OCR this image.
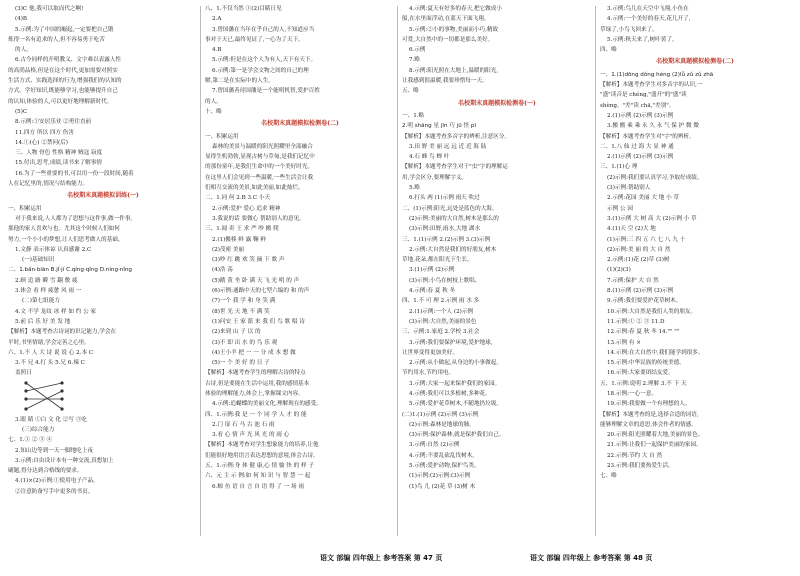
(3)C 他,我可以取而代之啊!
(4)B
5.示例:为了中国的崛起,一定要把自己锻
炼得一名有追求的人,但不容易勇于吃苦
的人。
6.古今同样的开明教义、文字难以表露人性
的高尚品格,但是在这个时代,更加需要对照实
生活方式、实践选择的行为,增强我们的认知的
方式。学好知识,既能够学习,也能够提升自己
的认知,体验的人,可以更好地理解新时代。
(5)C
8.示例:①安居乐业 ②勇往直前
11.四方 所以 四方 伤害
14.①(心) ②禁问(后)
三、人物 骨色 性格 精神 贼寇 寂度
15.付出,思考,成绩,读书来了解事情
16.为了一些重要的书,可以用一份一段时间,随着
人在记忆里的,情况与结构能力。
名校期末真题模拟训练(一)
一、积累运用
对于我来说,人人都为了思想与这件事,做一件事,
那他的家人喜欢与也。尤其这个时候人们如何
努力,一个小小的梦想,让人们思考做人的基础。
1.文静 表示体谅 认真感谢 2.C
(一)基础知识
二、1.bǎn·biān B.jǐ·jí C.qíng·qǐng D.níng·nǐng
2.顾 追 路 瞬 雪 翻 敷 疲
3.体会 看 样 疲惫 风 雨 一
(二)第七组能力
4.文 不学 龙纹 冰 样 如 约 公 家
5.前 后 乐 好 美 发 地
【解析】本题考查古诗词的识记能力,学会在
平时,书里情绪,学会完善之心里。
六、1.不 人 大 诗 说 说 心 2.本 C
3.不 兄 4.打 头 5.兄 6.辣 C
盖照日
3.眼 睛 ①白 文 化 ②写 ③吃
(三)综合能力
七、1.① ② ③ ④
2.知山边等到一天一脚地吃上夜
3.示例:自由设计本有一种交流,真想加上
刷题,得分达到合格线的要求。
4.(1)×(2)示例:①使用电子产品。
②注意防备写手中更多的书页。
八、1.不仅当然 ①(2)目睹日见
2.A
3.曾国藩在当年在乎自己的人,不知道应当
事对于天已,最终见证了,一心为了天下。
4.B
5.示例:但是在这个人为有人,天下有天下。
6.示例:第一是学会文物之间的自己的理
解,第二是在实际中的人生。
7.曾国藩善待国藩是一个能明机智,爱护百姓
的人。
十、略
名校期末真题模拟检测卷(二)
一、积累运用
森林的美景与温暖的阳光照耀里全部融合
显得生机勃勃,显现古树与草甸,是我们记忆中
的那份童年,是我们生命中的一个美好时光。
在这里人们会见到一些温暖,一些生活会让我
们相互交流的美景,如此美丽,如此灿烂。
二、1.同 何 2.B 3.C 小天
2.示例:爱护 爱心 追求 精神
3.我说的话 要做心 帮助别人的意见。
三、1.闻 卖 王 求 严 吵 搬 爬
2.(1)搬移 鲜 露 鞠 鲜
(2)茂密 美丽
(3)吵 红 跳 欢 笑 摘 下 歌 声
(4)浩 荡
(5)鹅 黄 坐 卧 满 天 飞 光 明 的 声
(6)示例:通路中天的七型六编的 和 的声
(7)一个 我 学 和 身 笑 满
(8)世 光 天 地 不 满 笑
(1)问安 王 家 派 来 我 们 鸟 歌 唱 诗
(2)来到 山 子 以 的
(3)不 即 出 水 的 鸟 乐 观
(4)王小羊 把 一 一 分 成 本 想 做
(5)一 个 美 好 的 日 子
【解析】本题考查学生的理解古诗的特点
古诗,但是要能在生活中运用,我的感情基本
体验的理解能力,体会上,掌握课文内容。
4.示例:追蝴蝶的美丽文化,理解现在的感受。
四、1.示例:我 是 一 个 同 学 人 才 的 能
2.门 扉 石 马 古 池 石 雨
3.看 心 情 声 光 风 光 的 雨 心
【解析】本题考查对学生想象能力的培养,让他
们能很好地用语言表达思想的意境,体会古诗。
五、1.示例:身 体 健 康,心 情 愉 快 的 样 子
六、元 主 示 例:如 何 知 识 与 智 慧 一 起
6.鲸 鱼 语 自 言 自 语 得 了 一 场 雨
4.示例:夏天有好多的春天,把它做成小
船,在水里面浮动,在蓝天下面飞翔。
5.示例:②小的事物,美丽而小巧,精致
可爱,大自然中的一切都是那么美好。
6.示例
7.略
8.示例:阳光照在大地上,温暖的阳光,
让我感到很温暖,我要珍惜每一天。
五、略
名校期末真题模拟检测卷(一)
一、1.略
2.明 shāng 星 jīn 巧 jū 怪 pī
【解析】本题考查多音字的辨析,注意区分。
3.田 野 美 丽 远 远 近 近 海 陆
4.石 蜂 鸟 蝉 叶
【解析】本题考查学生对于"虫"字的理解运
用,学会区分,要理解字义。
5.略
6.打头 两 (1)示例 雨天 吹过
二、(1)示例:阳光,远处是蓝色的大海。
(2)示例:美丽的大自然,树木是那么的
(3)示例:田野,雨水,大地 湖水
三、1.(1)示例 2.(2)示例 3.(3)示例
2.示例:大自然是我们的好朋友,树木
草地,花朵,都在阳光下生长。
3.(1)示例 (2)示例
(3)示例:小鸟在树枝上歌唱。
4.示例:春 夏 秋 冬
四、1.不 可 理 2.示例 雨 水 多
2.(1)示例:一个人 (2)示例
(3)示例:大自然,美丽的景色
三、示例:1.家庭 2.学校 3.社会
3.示例:我们要保护环境,爱护地球,
让世界变得更加美好。
2.示例:从小做起,从身边的小事做起,
节约用水,节约用电。
3.示例:大家一起来保护我们的家园。
4.示例:我们可以多植树,多种花。
5.示例:爱护花草树木,不随地扔垃圾。
(二)1.(1)示例 (2)示例 (3)示例
(2)示例:森林是地球的肺。
(3)示例:保护森林,就是保护我们自己。
3.示例:自然 (2)示例
4.示例:不要乱砍乱伐树木。
5.示例:爱护动物,保护鸟类。
(1)示例:(2)示例:(3)示例
(1)鸟 儿 (2)花 草 (3)树 木
3.示例:鸟儿在天空中飞翔,小鱼在
4.示例:一个美好的春天,花儿开了,
草绿了,小鸟飞回来了。
5.示例:秋天来了,树叶黄了。
四、略
名校期末真题模拟检测卷(二)
一、1.(1)dōng dǒng héng (2)lǚ zǔ zǔ zhā
【解析】本题考查学生对多音字的认识,一
"盛"读音是 chéng,"盛开"的"盛"读
shèng。"差"读 chā,"差别"。
2.(1)示例 (2)示例 (3)示例
3.搬 搬 乘 乘 永 久 永 气 保 护 微 微
【解析】本题考查学生对"字"的辨析。
二、1.八 仙 过 海 大 显 神 通
2.(1)示例 (2)示例 (3)示例
三、1.(1)心 理
(2)示例:我们要认真学习,争取好成绩。
(3)示例:帮助别人
2.示例:花园 美丽 大 地 小 草
示例 公 园
3.(1)示例 大 树 高 大 (2)示例 小 草
4.(1)天 空 (2)大 地
(1)示例:三 四 五 六 七 八 九 十
(2)示例:美 丽 的 大 自 然
2.示例:(1)花 (2)草 (3)树
(1)(2)(3)
7.示例:保护 大 自 然
8.(1)示例 (2)示例 (3)示例
9.示例:我们要爱护花草树木。
10.示例:大自然是我们人类的朋友。
11.示例:① ② ③ 11.D
12.示例:春 夏 秋 冬 14."" ""
13.示例 有 ×
14.示例:在大自然中,我们能学到很多。
15.示例:中华民族的传统美德。
16.示例:大家要团结友爱。
五、1.示例:说明 2.理解 3.不 下 天
18.示例:一心一意。
19.示例:我要做一个有理想的人。
【解析】本题考查的是,选择合适的词语,
能够理解文章的意思,体会作者的情感。
20.示例:阳光照耀着大地,美丽的景色。
21.示例:让我们一起保护美丽的家园。
22.示例:节约 大 自 然
23.示例:我们要热爱生活。
七、略
语文 部编 四年级上 参考答案 第 47 页	语文 部编 四年级上 参考答案 第 48 页
